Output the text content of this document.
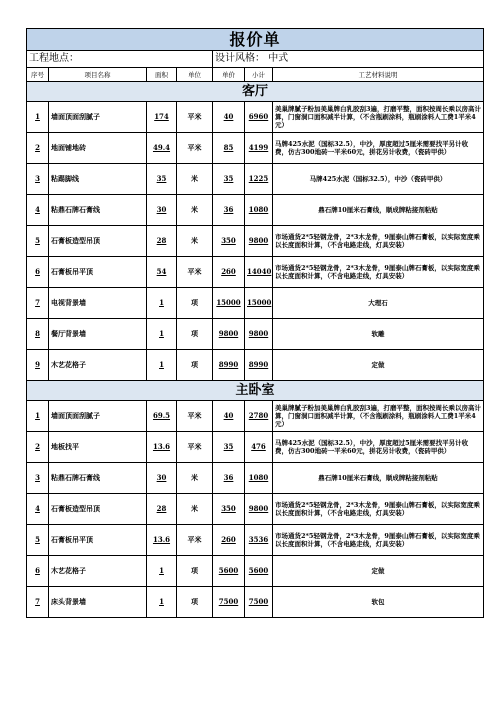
报价单						
工程地点：				设计风格： 中式		
序号	项目名称	面积	单位	单价	小计	工艺材料说明
客厅						
1	墙面顶面刮腻子	174	平米	40	6960	美巢牌腻子粉加美巢牌白乳胶刮3遍，打磨平整，面积按周长乘以房高计算，门窗洞口面积减半计算，（不含瓶刷涂料，瓶刷涂料人工费1平米4元）
2	地面铺地砖	49.4	平米	85	4199	马牌425水泥（国标32.5），中沙，厚度超过5厘米需要找平另计收费，仿古300地砖一平米60元，拼花另计收费，（瓷砖甲供）
3	粘踢脚线	35	米	35	1225	马牌425水泥（国标32.5），中沙（瓷砖甲供）
4	粘鼎石牌石膏线	30	米	36	1080	鼎石牌10厘米石膏线，顺成牌粘接剂粘贴
5	石膏板造型吊顶	28	米	350	9800	市场通货2*5轻钢龙骨，2*3木龙骨，9厘泰山牌石膏板，以实际宽度乘以长度面积计算，（不含电路走线，灯具安装）
6	石膏板吊平顶	54	平米	260	14040	市场通货2*5轻钢龙骨，2*3木龙骨，9厘泰山牌石膏板，以实际宽度乘以长度面积计算，（不含电路走线，灯具安装）
7	电视背景墙	1	项	15000	15000	大理石
8	餐厅背景墙	1	项	9800	9800	软雕
9	木艺花格子	1	项	8990	8990	定做
主卧室						
1	墙面顶面刮腻子	69.5	平米	40	2780	美巢牌腻子粉加美巢牌白乳胶刮3遍，打磨平整，面积按周长乘以房高计算，门窗洞口面积减半计算，（不含瓶刷涂料，瓶刷涂料人工费1平米4元）
2	地板找平	13.6	平米	35	476	马牌425水泥（国标32.5），中沙，厚度超过5厘米需要找平另计收费，仿古300地砖一平米60元，拼花另计收费，（瓷砖甲供）
3	粘鼎石牌石膏线	30	米	36	1080	鼎石牌10厘米石膏线，顺成牌粘接剂粘贴
4	石膏板造型吊顶	28	米	350	9800	市场通货2*5轻钢龙骨，2*3木龙骨，9厘泰山牌石膏板，以实际宽度乘以长度面积计算，（不含电路走线，灯具安装）
5	石膏板吊平顶	13.6	平米	260	3536	市场通货2*5轻钢龙骨，2*3木龙骨，9厘泰山牌石膏板，以实际宽度乘以长度面积计算，（不含电路走线，灯具安装）
6	木艺花格子	1	项	5600	5600	定做
7	床头背景墙	1	项	7500	7500	软包
